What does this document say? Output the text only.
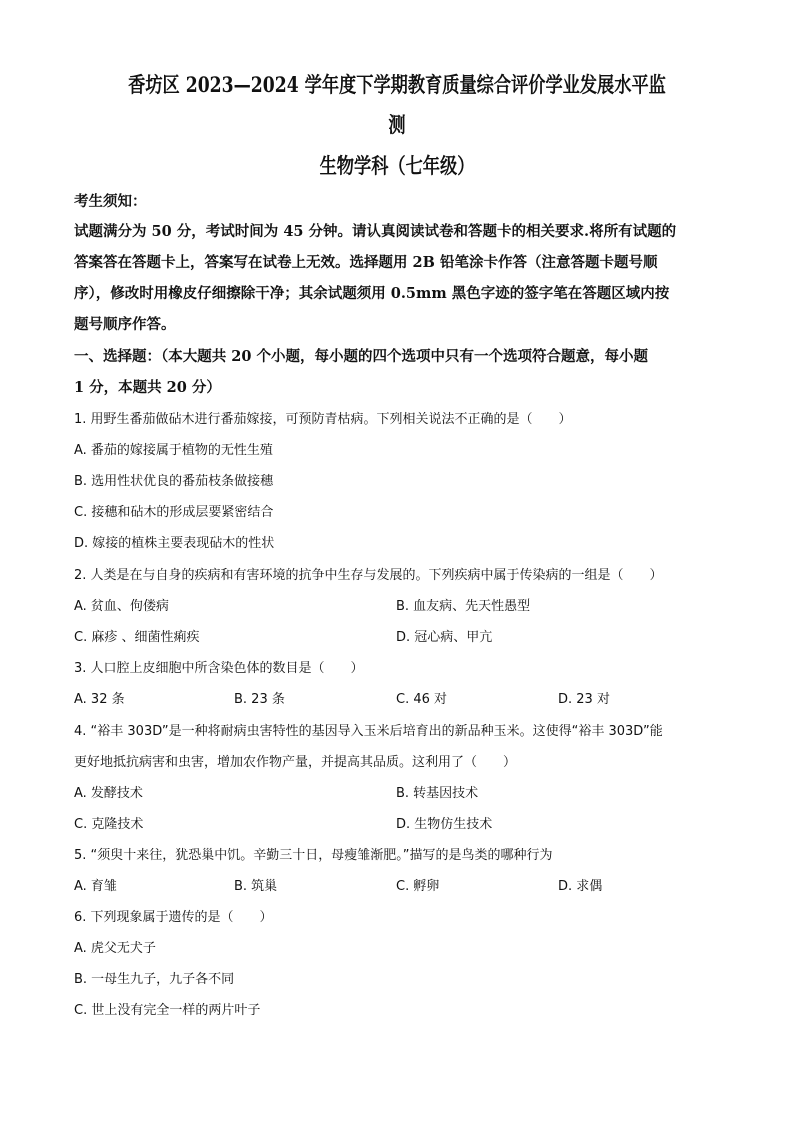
香坊区 2023—2024 学年度下学期教育质量综合评价学业发展水平监
测
生物学科（七年级）
考生须知：
试题满分为 50 分，考试时间为 45 分钟。请认真阅读试卷和答题卡的相关要求.将所有试题的
答案答在答题卡上，答案写在试卷上无效。选择题用 2B 铅笔涂卡作答（注意答题卡题号顺
序），修改时用橡皮仔细擦除干净；其余试题须用 0.5mm 黑色字迹的签字笔在答题区域内按
题号顺序作答。
一、选择题：（本大题共 20 个小题，每小题的四个选项中只有一个选项符合题意，每小题
1 分，本题共 20 分）
1. 用野生番茄做砧木进行番茄嫁接，可预防青枯病。下列相关说法不正确的是（　　）
A. 番茄的嫁接属于植物的无性生殖
B. 选用性状优良的番茄枝条做接穗
C. 接穗和砧木的形成层要紧密结合
D. 嫁接的植株主要表现砧木的性状
2. 人类是在与自身的疾病和有害环境的抗争中生存与发展的。下列疾病中属于传染病的一组是（　　）
A. 贫血、佝偻病	B. 血友病、先天性愚型
C. 麻疹 、细菌性痢疾	D. 冠心病、甲亢
3. 人口腔上皮细胞中所含染色体的数目是（　　）
A. 32 条	B. 23 条	C. 46 对	D. 23 对
4. “裕丰 303D”是一种将耐病虫害特性的基因导入玉米后培育出的新品种玉米。这使得“裕丰 303D”能
更好地抵抗病害和虫害，增加农作物产量，并提高其品质。这利用了（　　）
A. 发酵技术	B. 转基因技术
C. 克隆技术	D. 生物仿生技术
5. “须臾十来往，犹恐巢中饥。辛勤三十日，母瘦雏渐肥。”描写的是鸟类的哪种行为
A. 育雏	B. 筑巢	C. 孵卵	D. 求偶
6. 下列现象属于遗传的是（　　）
A. 虎父无犬子
B. 一母生九子，九子各不同
C. 世上没有完全一样的两片叶子
